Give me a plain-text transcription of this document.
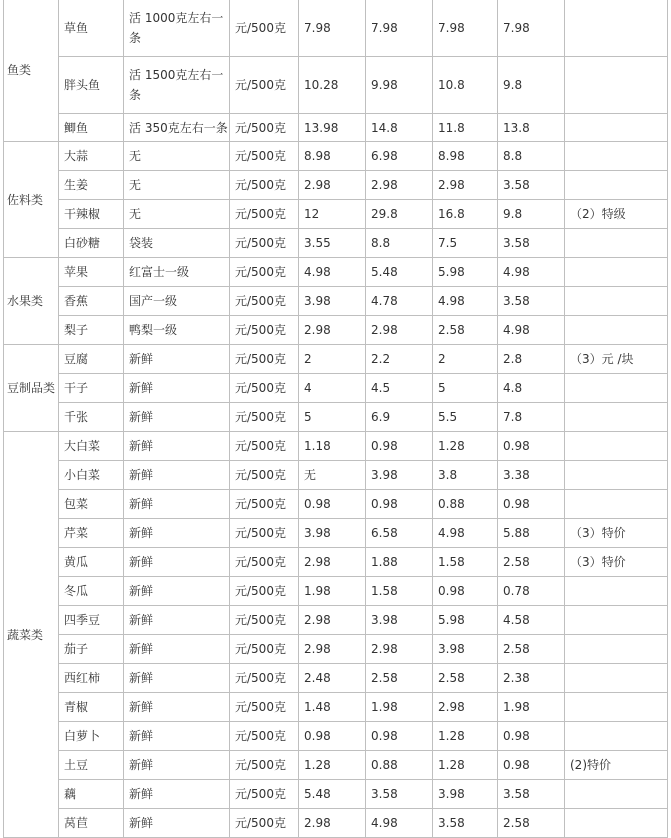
鱼类	草鱼	活 1000克左右一条	元/500克	7.98	7.98	7.98	7.98	
	胖头鱼	活 1500克左右一条	元/500克	10.28	9.98	10.8	9.8	
	鲫鱼	活 350克左右一条	元/500克	13.98	14.8	11.8	13.8	
佐料类	大蒜	无	元/500克	8.98	6.98	8.98	8.8	
	生姜	无	元/500克	2.98	2.98	2.98	3.58	
	干辣椒	无	元/500克	12	29.8	16.8	9.8	（2）特级
	白砂糖	袋装	元/500克	3.55	8.8	7.5	3.58	
水果类	苹果	红富士一级	元/500克	4.98	5.48	5.98	4.98	
	香蕉	国产一级	元/500克	3.98	4.78	4.98	3.58	
	梨子	鸭梨一级	元/500克	2.98	2.98	2.58	4.98	
豆制品类	豆腐	新鲜	元/500克	2	2.2	2	2.8	（3）元 /块
	干子	新鲜	元/500克	4	4.5	5	4.8	
	千张	新鲜	元/500克	5	6.9	5.5	7.8	
蔬菜类	大白菜	新鲜	元/500克	1.18	0.98	1.28	0.98	
	小白菜	新鲜	元/500克	无	3.98	3.8	3.38	
	包菜	新鲜	元/500克	0.98	0.98	0.88	0.98	
	芹菜	新鲜	元/500克	3.98	6.58	4.98	5.88	（3）特价
	黄瓜	新鲜	元/500克	2.98	1.88	1.58	2.58	（3）特价
	冬瓜	新鲜	元/500克	1.98	1.58	0.98	0.78	
	四季豆	新鲜	元/500克	2.98	3.98	5.98	4.58	
	茄子	新鲜	元/500克	2.98	2.98	3.98	2.58	
	西红柿	新鲜	元/500克	2.48	2.58	2.58	2.38	
	青椒	新鲜	元/500克	1.48	1.98	2.98	1.98	
	白萝卜	新鲜	元/500克	0.98	0.98	1.28	0.98	
	土豆	新鲜	元/500克	1.28	0.88	1.28	0.98	(2)特价
	藕	新鲜	元/500克	5.48	3.58	3.98	3.58	
	莴苣	新鲜	元/500克	2.98	4.98	3.58	2.58	
